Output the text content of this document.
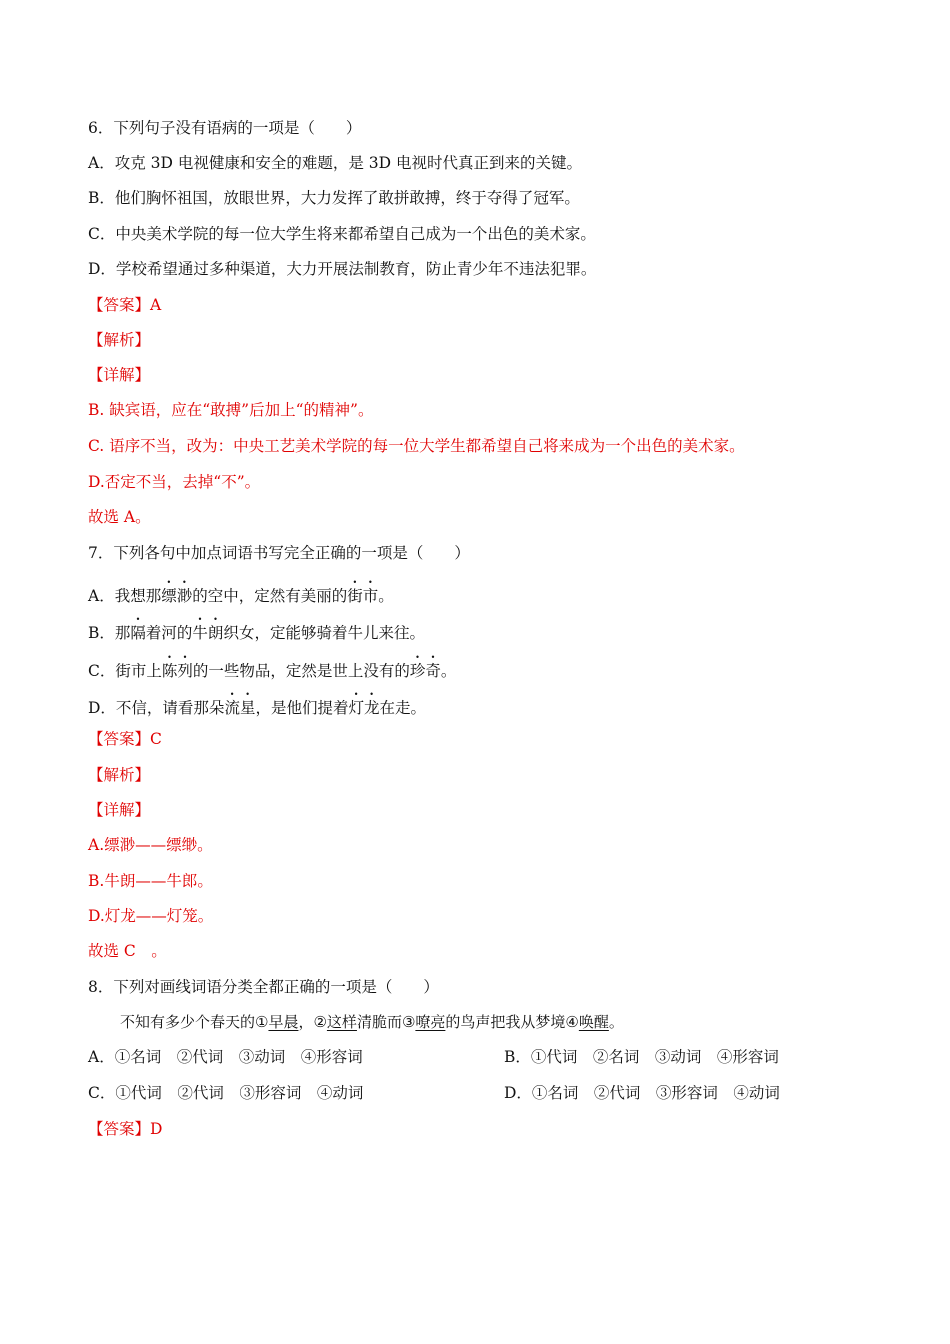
6．下列句子没有语病的一项是（　　）
A．攻克 3D 电视健康和安全的难题，是 3D 电视时代真正到来的关键。
B．他们胸怀祖国，放眼世界，大力发挥了敢拼敢搏，终于夺得了冠军。
C．中央美术学院的每一位大学生将来都希望自己成为一个出色的美术家。
D．学校希望通过多种渠道，大力开展法制教育，防止青少年不违法犯罪。
【答案】A
【解析】
【详解】
B. 缺宾语，应在“敢搏”后加上“的精神”。
C. 语序不当，改为：中央工艺美术学院的每一位大学生都希望自己将来成为一个出色的美术家。
D.否定不当，去掉“不”。
故选 A。
7．下列各句中加点词语书写完全正确的一项是（　　）
A．我想那缥渺的空中，定然有美丽的街市。
B．那隔着河的牛朗织女，定能够骑着牛儿来往。
C．街市上陈列的一些物品，定然是世上没有的珍奇。
D．不信，请看那朵流星，是他们提着灯龙在走。
【答案】C
【解析】
【详解】
A.缥渺——缥缈。
B.牛朗——牛郎。
D.灯龙——灯笼。
故选 C　。
8．下列对画线词语分类全都正确的一项是（　　）
不知有多少个春天的①早晨，②这样清脆而③嘹亮的鸟声把我从梦境④唤醒。
A．①名词　②代词　③动词　④形容词	B．①代词　②名词　③动词　④形容词
C．①代词　②代词　③形容词　④动词	D．①名词　②代词　③形容词　④动词
【答案】D
